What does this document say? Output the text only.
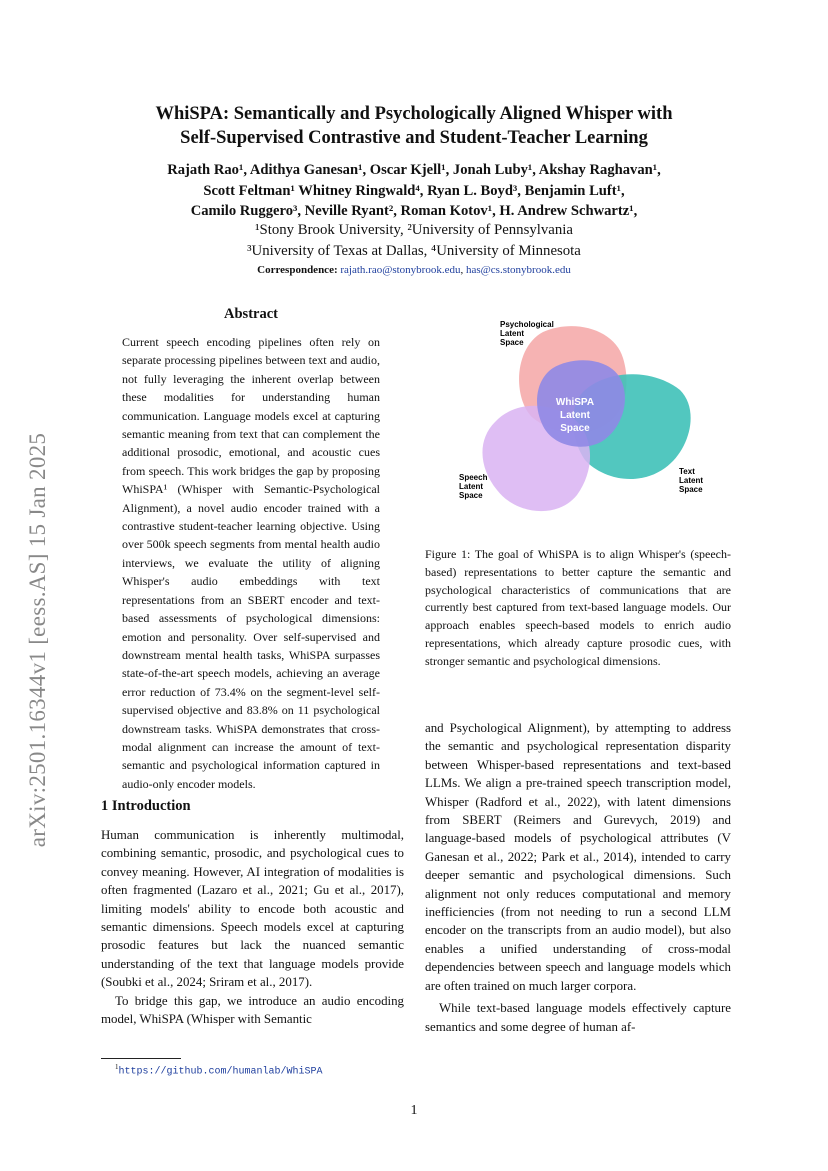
arXiv:2501.16344v1 [eess.AS] 15 Jan 2025
WhiSPA: Semantically and Psychologically Aligned Whisper with
Self-Supervised Contrastive and Student-Teacher Learning
Rajath Rao¹, Adithya Ganesan¹, Oscar Kjell¹, Jonah Luby¹, Akshay Raghavan¹,
Scott Feltman¹ Whitney Ringwald⁴, Ryan L. Boyd³, Benjamin Luft¹,
Camilo Ruggero³, Neville Ryant², Roman Kotov¹, H. Andrew Schwartz¹,
¹Stony Brook University, ²University of Pennsylvania
³University of Texas at Dallas, ⁴University of Minnesota
Correspondence: rajath.rao@stonybrook.edu, has@cs.stonybrook.edu
Abstract
Current speech encoding pipelines often rely on separate processing pipelines between text and audio, not fully leveraging the inherent overlap between these modalities for understanding human communication. Language models excel at capturing semantic meaning from text that can complement the additional prosodic, emotional, and acoustic cues from speech. This work bridges the gap by proposing WhiSPA¹ (Whisper with Semantic-Psychological Alignment), a novel audio encoder trained with a contrastive student-teacher learning objective. Using over 500k speech segments from mental health audio interviews, we evaluate the utility of aligning Whisper's audio embeddings with text representations from an SBERT encoder and text-based assessments of psychological dimensions: emotion and personality. Over self-supervised and downstream mental health tasks, WhiSPA surpasses state-of-the-art speech models, achieving an average error reduction of 73.4% on the segment-level self-supervised objective and 83.8% on 11 psychological downstream tasks. WhiSPA demonstrates that cross-modal alignment can increase the amount of text-semantic and psychological information captured in audio-only encoder models.
1 Introduction

Human communication is inherently multimodal, combining semantic, prosodic, and psychological cues to convey meaning. However, AI integration of modalities is often fragmented (Lazaro et al., 2021; Gu et al., 2017), limiting models' ability to encode both acoustic and semantic dimensions. Speech models excel at capturing prosodic features but lack the nuanced semantic understanding of the text that language models provide (Soubki et al., 2024; Sriram et al., 2017).

To bridge this gap, we introduce an audio encoding model, WhiSPA (Whisper with Semantic

$^1$https://github.com/humanlab/WhiSPA
Psychological
Latent
Space
Speech
Latent
Space
Text
Latent
Space
WhiSPA
Latent
Space
Figure 1: The goal of WhiSPA is to align Whisper's (speech-based) representations to better capture the semantic and psychological characteristics of communications that are currently best captured from text-based language models. Our approach enables speech-based models to enrich audio representations, which already capture prosodic cues, with stronger semantic and psychological dimensions.

and Psychological Alignment), by attempting to address the semantic and psychological representation disparity between Whisper-based representations and text-based LLMs. We align a pre-trained speech transcription model, Whisper (Radford et al., 2022), with latent dimensions from SBERT (Reimers and Gurevych, 2019) and language-based models of psychological attributes (V Ganesan et al., 2022; Park et al., 2014), intended to carry deeper semantic and psychological dimensions. Such alignment not only reduces computational and memory inefficiencies (from not needing to run a second LLM encoder on the transcripts from an audio model), but also enables a unified understanding of cross-modal dependencies between speech and language models which are often trained on much larger corpora.

While text-based language models effectively capture semantics and some degree of human af-

1
